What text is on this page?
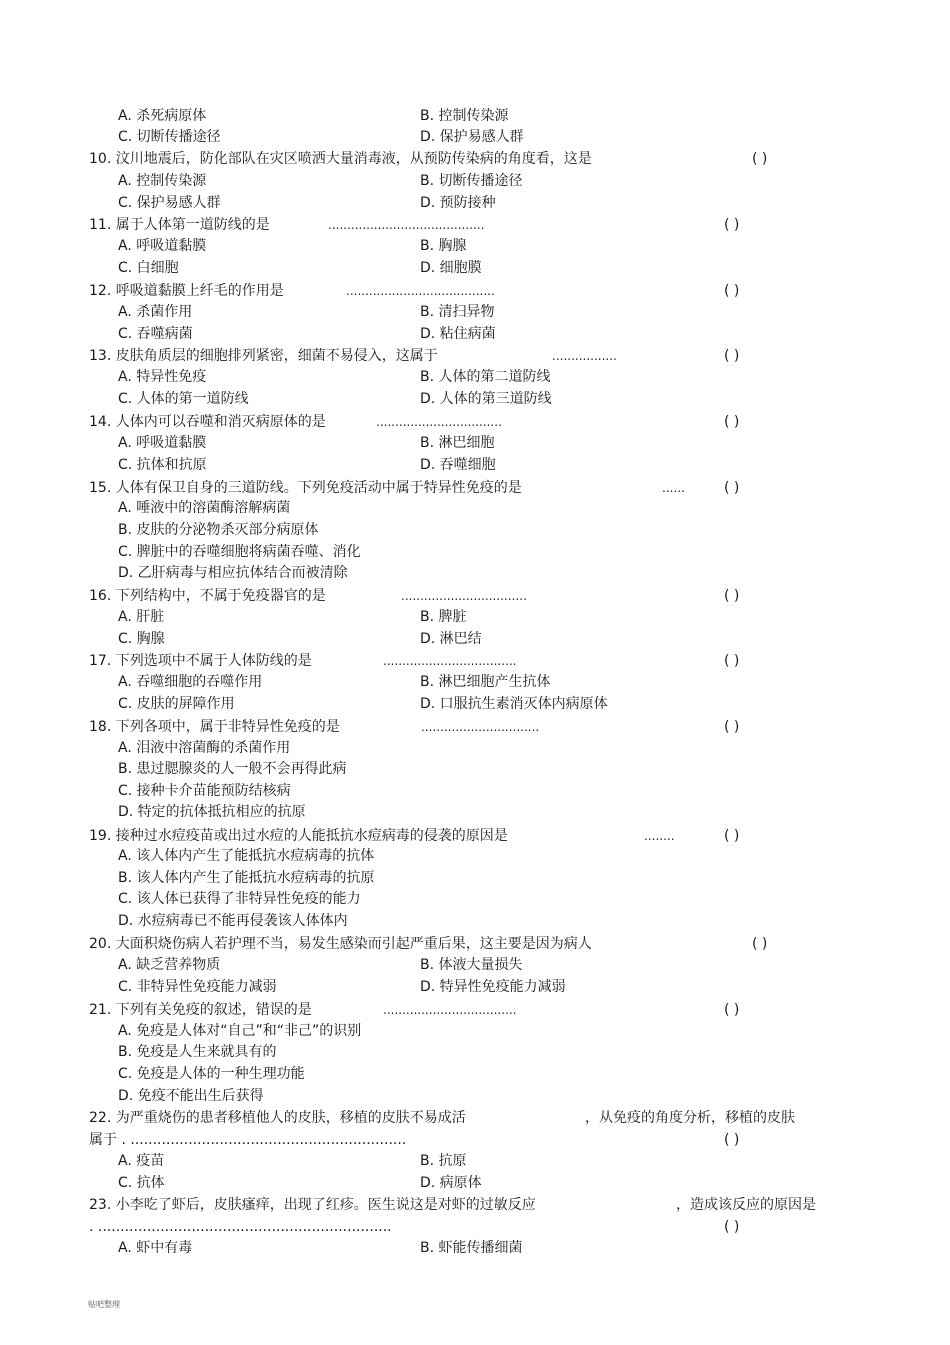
A. 杀死病原体	B. 控制传染源
C. 切断传播途径	D. 保护易感人群
10. 汶川地震后，防化部队在灾区喷洒大量消毒液，从预防传染病的角度看，这是	( )
A. 控制传染源	B. 切断传播途径
C. 保护易感人群	D. 预防接种
11. 属于人体第一道防线的是	.........................................	( )
A. 呼吸道黏膜	B. 胸腺
C. 白细胞	D. 细胞膜
12. 呼吸道黏膜上纤毛的作用是	.......................................	( )
A. 杀菌作用	B. 清扫异物
C. 吞噬病菌	D. 粘住病菌
13. 皮肤角质层的细胞排列紧密，细菌不易侵入，这属于	.................	( )
A. 特异性免疫	B. 人体的第二道防线
C. 人体的第一道防线	D. 人体的第三道防线
14. 人体内可以吞噬和消灭病原体的是	.................................	( )
A. 呼吸道黏膜	B. 淋巴细胞
C. 抗体和抗原	D. 吞噬细胞
15. 人体有保卫自身的三道防线。下列免疫活动中属于特异性免疫的是	......	( )
A. 唾液中的溶菌酶溶解病菌
B. 皮肤的分泌物杀灭部分病原体
C. 脾脏中的吞噬细胞将病菌吞噬、消化
D. 乙肝病毒与相应抗体结合而被清除
16. 下列结构中，不属于免疫器官的是	.................................	( )
A. 肝脏	B. 脾脏
C. 胸腺	D. 淋巴结
17. 下列选项中不属于人体防线的是	...................................	( )
A. 吞噬细胞的吞噬作用	B. 淋巴细胞产生抗体
C. 皮肤的屏障作用	D. 口服抗生素消灭体内病原体
18. 下列各项中，属于非特异性免疫的是	...............................	( )
A. 泪液中溶菌酶的杀菌作用
B. 患过腮腺炎的人一般不会再得此病
C. 接种卡介苗能预防结核病
D. 特定的抗体抵抗相应的抗原
19. 接种过水痘疫苗或出过水痘的人能抵抗水痘病毒的侵袭的原因是	........	( )
A. 该人体内产生了能抵抗水痘病毒的抗体
B. 该人体内产生了能抵抗水痘病毒的抗原
C. 该人体已获得了非特异性免疫的能力
D. 水痘病毒已不能再侵袭该人体体内
20. 大面积烧伤病人若护理不当，易发生感染而引起严重后果，这主要是因为病人	( )
A. 缺乏营养物质	B. 体液大量损失
C. 非特异性免疫能力减弱	D. 特异性免疫能力减弱
21. 下列有关免疫的叙述，错误的是	...................................	( )
A. 免疫是人体对“自己”和“非己”的识别
B. 免疫是人生来就具有的
C. 免疫是人体的一种生理功能
D. 免疫不能出生后获得
22. 为严重烧伤的患者移植他人的皮肤，移植的皮肤不易成活	，从免疫的角度分析，移植的皮肤
属于 . ..............................................................	( )
A. 疫苗	B. 抗原
C. 抗体	D. 病原体
23. 小李吃了虾后，皮肤瘙痒，出现了红疹。医生说这是对虾的过敏反应	，造成该反应的原因是
. ..................................................................	( )
A. 虾中有毒	B. 虾能传播细菌
贴吧整理
